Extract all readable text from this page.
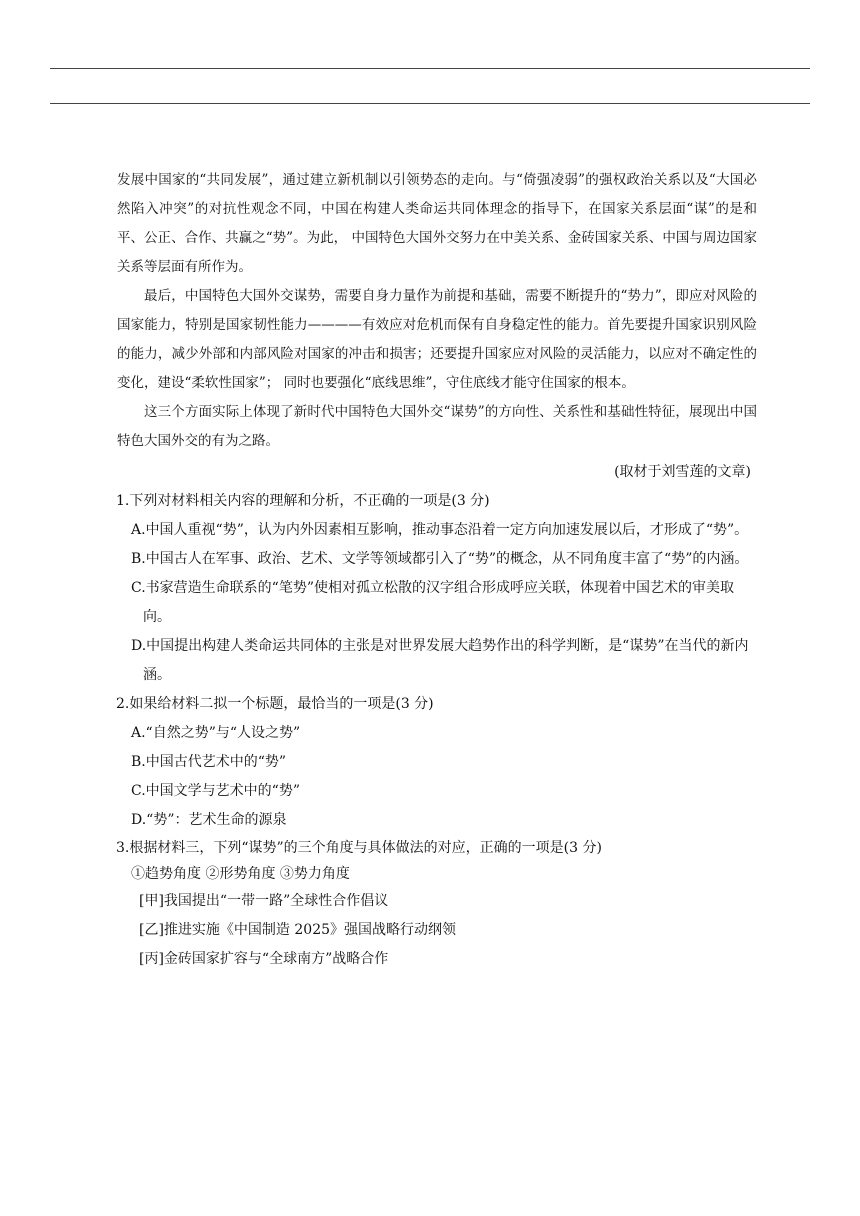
发展中国家的“共同发展”，通过建立新机制以引领势态的走向。与“倚强凌弱”的强权政治关系以及“大国必然陷入冲突”的对抗性观念不同，中国在构建人类命运共同体理念的指导下，在国家关系层面“谋”的是和平、公正、合作、共赢之“势”。为此， 中国特色大国外交努力在中美关系、金砖国家关系、中国与周边国家关系等层面有所作为。

最后，中国特色大国外交谋势，需要自身力量作为前提和基础，需要不断提升的“势力”，即应对风险的国家能力，特别是国家韧性能力————有效应对危机而保有自身稳定性的能力。首先要提升国家识别风险的能力，减少外部和内部风险对国家的冲击和损害；还要提升国家应对风险的灵活能力，以应对不确定性的变化，建设“柔软性国家”； 同时也要强化“底线思维”，守住底线才能守住国家的根本。

这三个方面实际上体现了新时代中国特色大国外交“谋势”的方向性、关系性和基础性特征，展现出中国特色大国外交的有为之路。

(取材于刘雪莲的文章)

1.下列对材料相关内容的理解和分析，不正确的一项是(3 分)

A.中国人重视“势”，认为内外因素相互影响，推动事态沿着一定方向加速发展以后，才形成了“势”。

B.中国古人在军事、政治、艺术、文学等领域都引入了“势”的概念，从不同角度丰富了“势”的内涵。

C.书家营造生命联系的“笔势”使相对孤立松散的汉字组合形成呼应关联，体现着中国艺术的审美取向。

D.中国提出构建人类命运共同体的主张是对世界发展大趋势作出的科学判断，是“谋势”在当代的新内涵。

2.如果给材料二拟一个标题，最恰当的一项是(3 分)

A.“自然之势”与“人设之势”

B.中国古代艺术中的“势”

C.中国文学与艺术中的“势”

D.“势”：艺术生命的源泉

3.根据材料三，下列“谋势”的三个角度与具体做法的对应，正确的一项是(3 分)

①趋势角度 ②形势角度 ③势力角度

[甲]我国提出“一带一路”全球性合作倡议

[乙]推进实施《中国制造 2025》强国战略行动纲领

[丙]金砖国家扩容与“全球南方”战略合作
